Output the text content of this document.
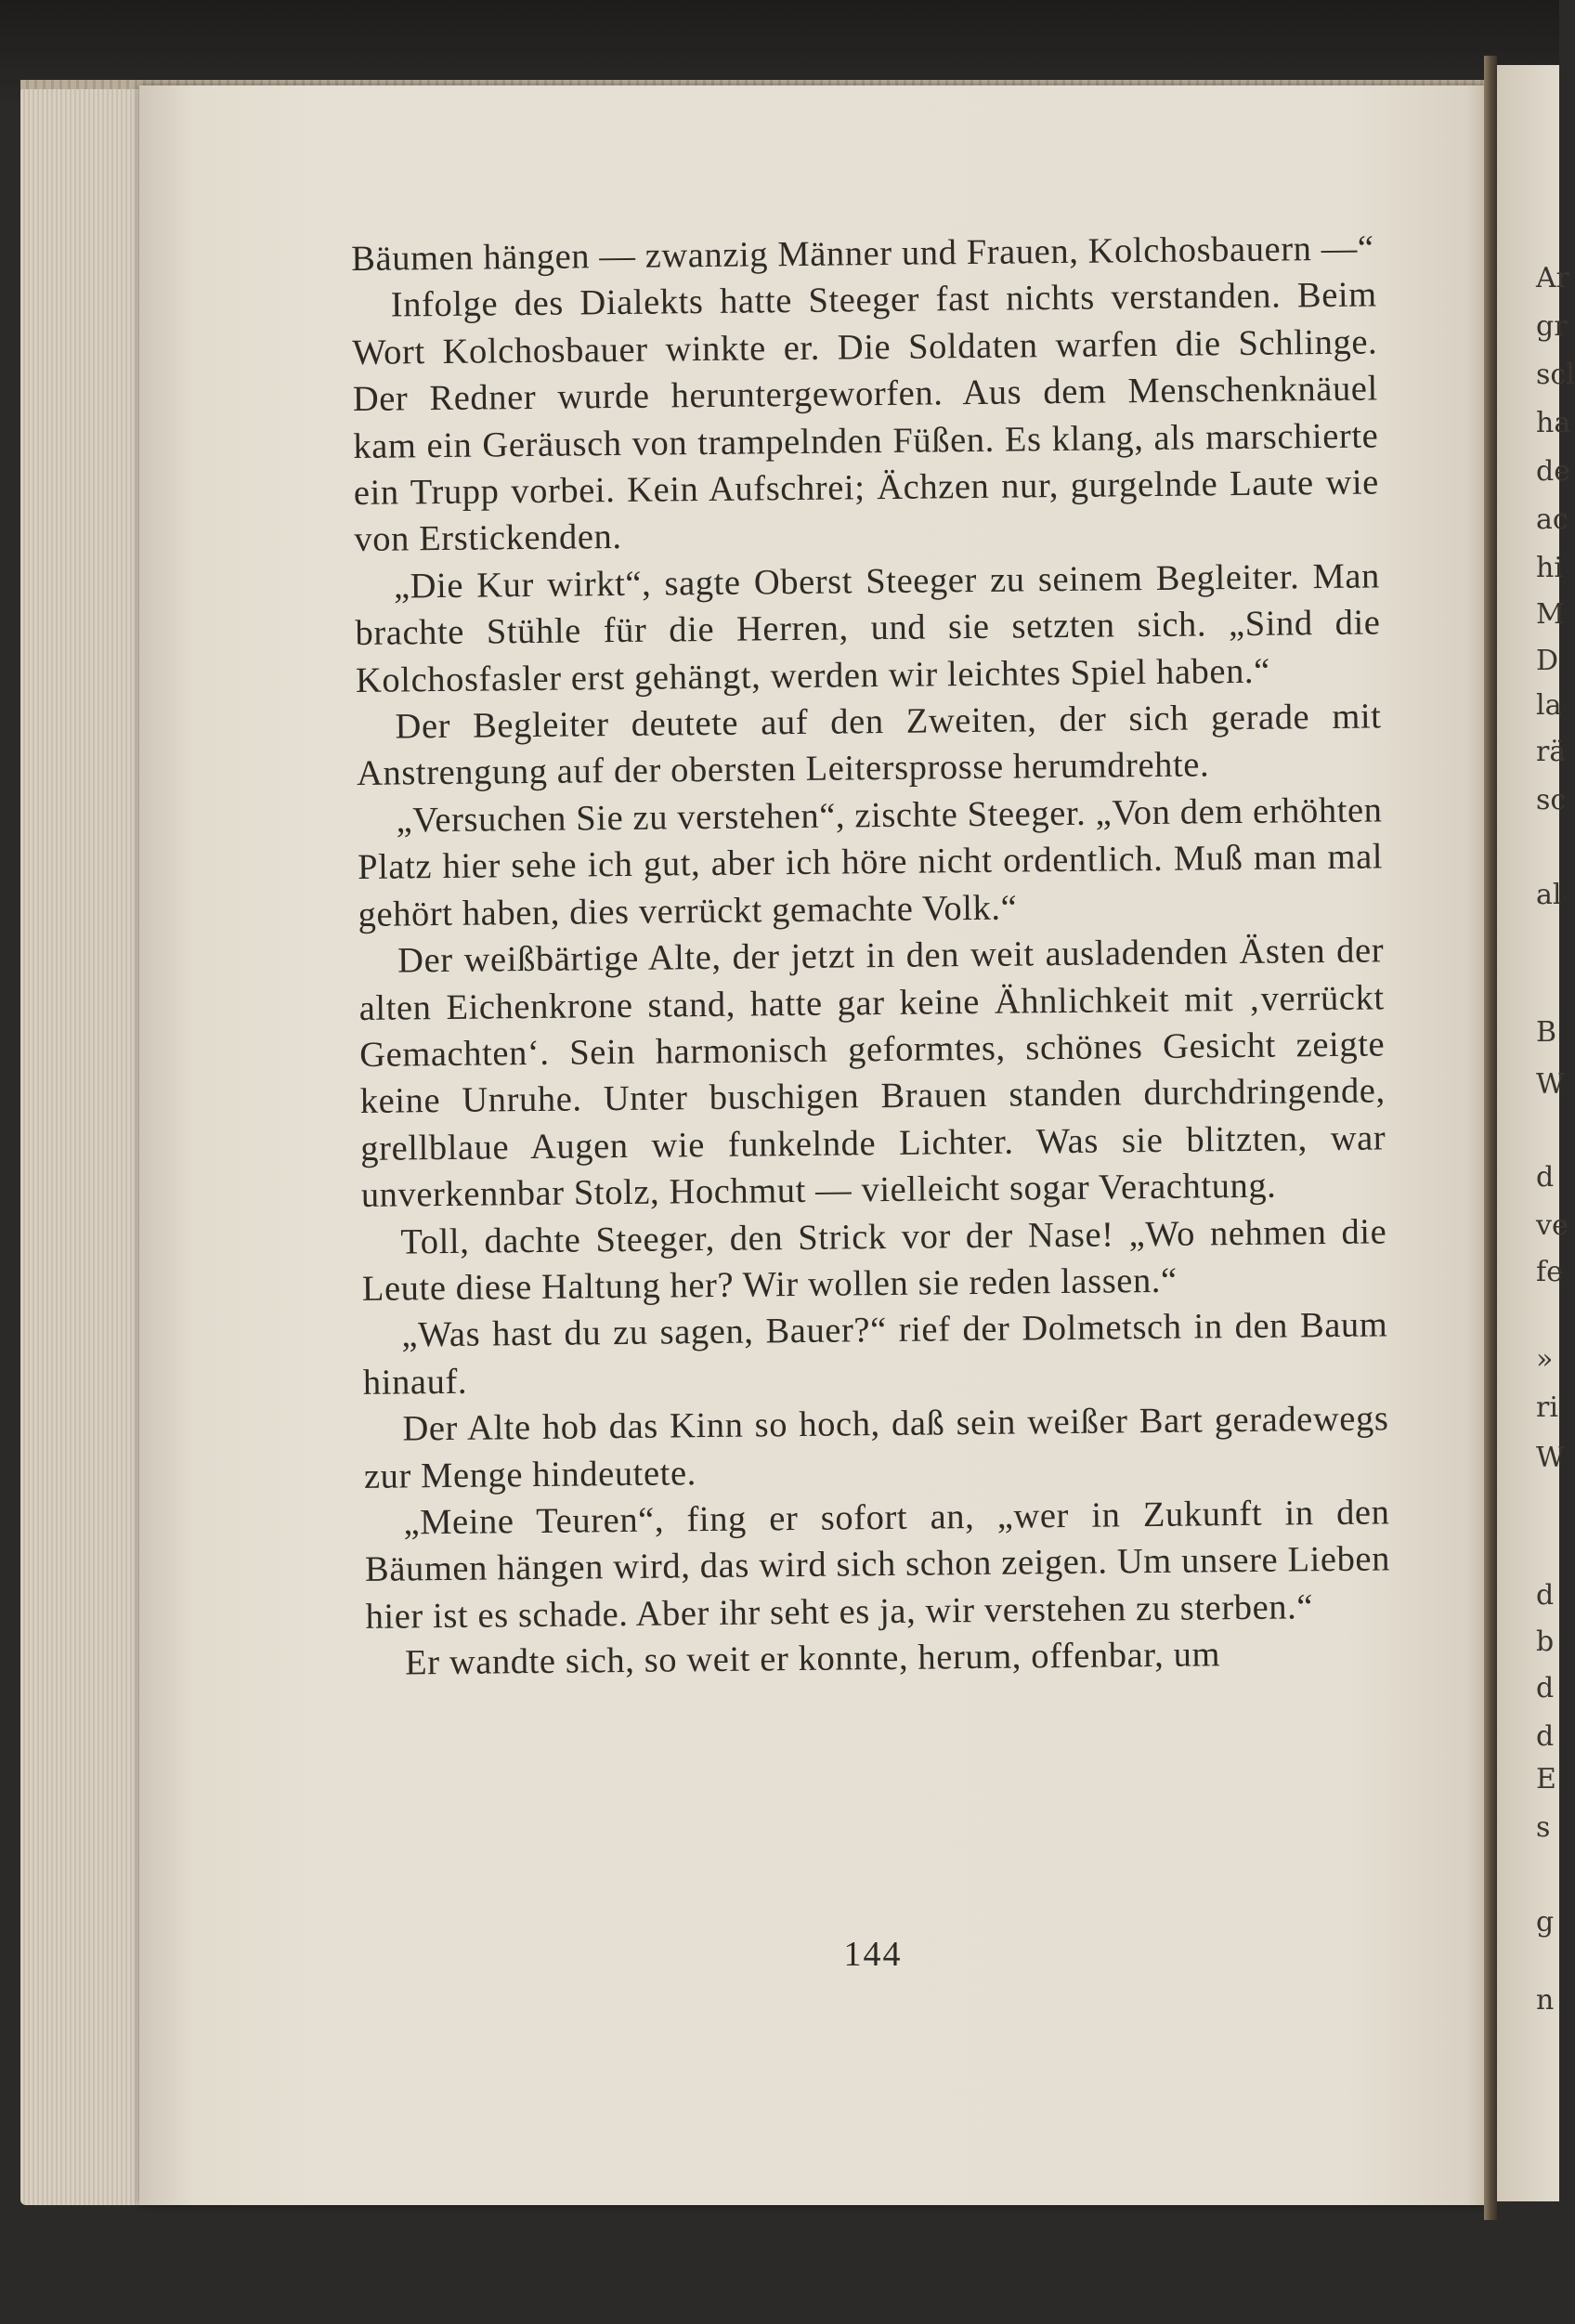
Ar
gr
scl
ha
de
ac
hi
M
D
la
rä
sc
al
B
W
d
ve
fe
»
ri
W
d
b
d
d
E
s
g
n

Bäumen hängen — zwanzig Männer und Frauen, Kolchosbauern —“

Infolge des Dialekts hatte Steeger fast nichts verstanden. Beim Wort Kolchosbauer winkte er. Die Soldaten warfen die Schlinge. Der Redner wurde heruntergeworfen. Aus dem Menschenknäuel kam ein Geräusch von trampelnden Füßen. Es klang, als marschierte ein Trupp vorbei. Kein Aufschrei; Ächzen nur, gurgelnde Laute wie von Erstickenden.

„Die Kur wirkt“, sagte Oberst Steeger zu seinem Begleiter. Man brachte Stühle für die Herren, und sie setzten sich. „Sind die Kolchosfasler erst gehängt, werden wir leichtes Spiel haben.“

Der Begleiter deutete auf den Zweiten, der sich gerade mit Anstrengung auf der obersten Leitersprosse herumdrehte.

„Versuchen Sie zu verstehen“, zischte Steeger. „Von dem erhöhten Platz hier sehe ich gut, aber ich höre nicht ordentlich. Muß man mal gehört haben, dies verrückt gemachte Volk.“

Der weißbärtige Alte, der jetzt in den weit ausladenden Ästen der alten Eichenkrone stand, hatte gar keine Ähnlichkeit mit ‚verrückt Gemachten‘. Sein harmonisch geformtes, schönes Gesicht zeigte keine Unruhe. Unter buschigen Brauen standen durchdringende, grellblaue Augen wie funkelnde Lichter. Was sie blitzten, war unverkennbar Stolz, Hochmut — vielleicht sogar Verachtung.

Toll, dachte Steeger, den Strick vor der Nase! „Wo nehmen die Leute diese Haltung her? Wir wollen sie reden lassen.“

„Was hast du zu sagen, Bauer?“ rief der Dolmetsch in den Baum hinauf.

Der Alte hob das Kinn so hoch, daß sein weißer Bart geradewegs zur Menge hindeutete.

„Meine Teuren“, fing er sofort an, „wer in Zukunft in den Bäumen hängen wird, das wird sich schon zeigen. Um unsere Lieben hier ist es schade. Aber ihr seht es ja, wir verstehen zu sterben.“

Er wandte sich, so weit er konnte, herum, offenbar, um

144
